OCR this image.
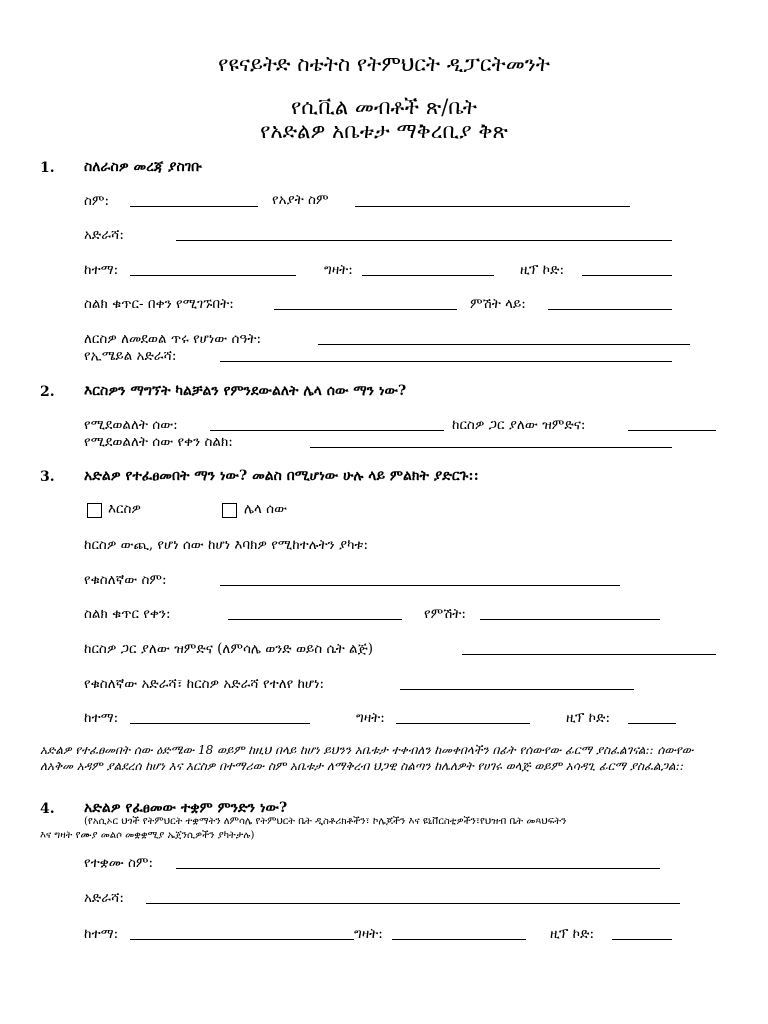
የዩናይትድ ስቴትስ የትምህርት ዲፓርትመንት
የሲቪል መብቶች ጽ/ቤት
የአድልዎ አቤቱታ ማቅረቢያ ቅጽ
1. ስለራስዎ መረጃ ያስገቡ
ስም:	የአያት ስም
አድራሻ:
ከተማ:	ግዛት:	ዚፕ ኮድ:
ስልክ ቁጥር- በቀን የሚገኙበት:	ምሽት ላይ:
ለርስዎ ለመደወል ጥሩ የሆነው ሰዓት:
የኢሜይል አድራሻ:
2. እርስዎን ማግኘት ካልቻልን የምንደውልለት ሌላ ሰው ማን ነው?
የሚደወልለት ሰው:	ከርስዎ ጋር ያለው ዝምድና:
የሚደወልለት ሰው የቀን ስልክ:
3. አድልዎ የተፈፀመበት ማን ነው? መልስ በሚሆነው ሁሉ ላይ ምልክት ያድርጉ::
እርስዎ	ሌላ ሰው
ከርስዎ ውጪ, የሆነ ሰው ከሆነ እባክዎ የሚከተሉትን ያካቱ:
የቁስለኛው ስም:
ስልክ ቁጥር የቀን:	የምሽት:
ከርስዎ ጋር ያለው ዝምድና (ለምሳሌ ወንድ ወይስ ሴት ልጅ)
የቁስለኛው አድራሻ፣ ከርስዎ አድራሻ የተለየ ከሆነ:
ከተማ:	ግዛት:	ዚፕ ኮድ:
አድልዎ የተፈፀመበት ሰው ዕድሜው 18 ወይም ከዚህ በላይ ከሆነ ይህንን አቤቱታ ተቀብለን ከመቀበላችን በፊት የሰውየው ፊርማ ያስፈልገናል:: ሰውየው ለአቅመ አዳም ያልደረሰ ከሆነ እና እርስዎ በተማሪው ስም አቤቱታ ለማቅረብ ህጋዊ ስልጣን ከሌለዎት የሀገሩ ወላጅ ወይም አሳዳጊ ፊርማ ያስፈልጋል::
4. አድልዎ የፈፀመው ተቋም ምንድን ነው?
(የአሲኦር ህጎች የትምህርት ተቋማትን ለምሳሌ የትምህርት ቤት ዲስቶሪክቶችን፣ ኮሌጆችን እና ዩኒቨርስቲዎችን፣የህዝብ ቤት መጻህፍትን
እና ግዛት የሙያ መልሶ መቋቋሚያ ኤጀንሲዎችን ያካትታሉ)
የተቋሙ ስም:
አድራሻ:
ከተማ:	ግዛት:	ዚፕ ኮድ:
